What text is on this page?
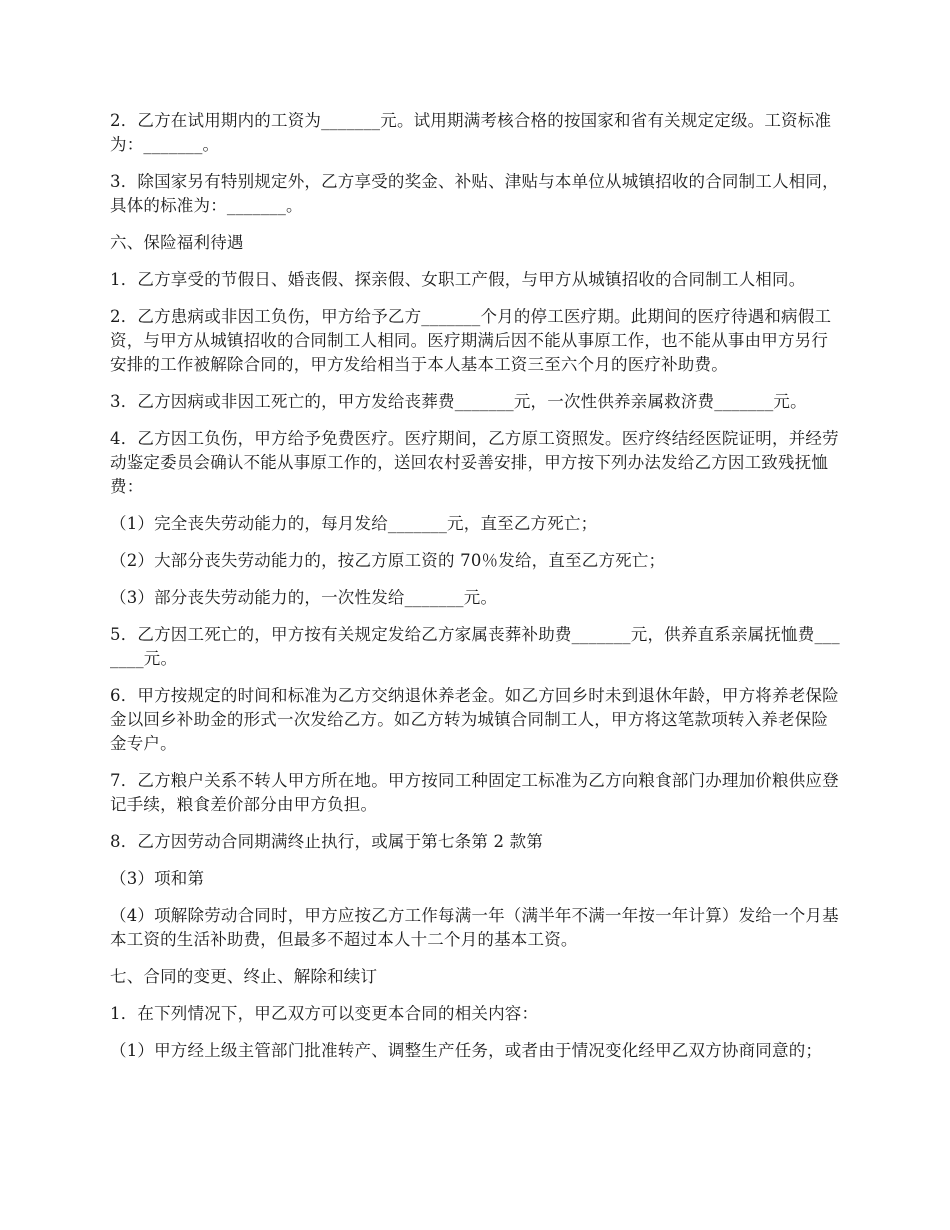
2．乙方在试用期内的工资为_______元。试用期满考核合格的按国家和省有关规定定级。工资标准为：_______。

3．除国家另有特别规定外，乙方享受的奖金、补贴、津贴与本单位从城镇招收的合同制工人相同，具体的标准为：_______。

六、保险福利待遇

1．乙方享受的节假日、婚丧假、探亲假、女职工产假，与甲方从城镇招收的合同制工人相同。

2．乙方患病或非因工负伤，甲方给予乙方_______个月的停工医疗期。此期间的医疗待遇和病假工资，与甲方从城镇招收的合同制工人相同。医疗期满后因不能从事原工作，也不能从事由甲方另行安排的工作被解除合同的，甲方发给相当于本人基本工资三至六个月的医疗补助费。

3．乙方因病或非因工死亡的，甲方发给丧葬费_______元，一次性供养亲属救济费_______元。

4．乙方因工负伤，甲方给予免费医疗。医疗期间，乙方原工资照发。医疗终结经医院证明，并经劳动鉴定委员会确认不能从事原工作的，送回农村妥善安排，甲方按下列办法发给乙方因工致残抚恤费：

（1）完全丧失劳动能力的，每月发给_______元，直至乙方死亡；

（2）大部分丧失劳动能力的，按乙方原工资的 70％发给，直至乙方死亡；

（3）部分丧失劳动能力的，一次性发给_______元。

5．乙方因工死亡的，甲方按有关规定发给乙方家属丧葬补助费_______元，供养直系亲属抚恤费_______元。

6．甲方按规定的时间和标准为乙方交纳退休养老金。如乙方回乡时未到退休年龄，甲方将养老保险金以回乡补助金的形式一次发给乙方。如乙方转为城镇合同制工人，甲方将这笔款项转入养老保险金专户。

7．乙方粮户关系不转人甲方所在地。甲方按同工种固定工标准为乙方向粮食部门办理加价粮供应登记手续，粮食差价部分由甲方负担。

8．乙方因劳动合同期满终止执行，或属于第七条第 2 款第

（3）项和第

（4）项解除劳动合同时，甲方应按乙方工作每满一年（满半年不满一年按一年计算）发给一个月基本工资的生活补助费，但最多不超过本人十二个月的基本工资。

七、合同的变更、终止、解除和续订

1．在下列情况下，甲乙双方可以变更本合同的相关内容：

（1）甲方经上级主管部门批准转产、调整生产任务，或者由于情况变化经甲乙双方协商同意的；
